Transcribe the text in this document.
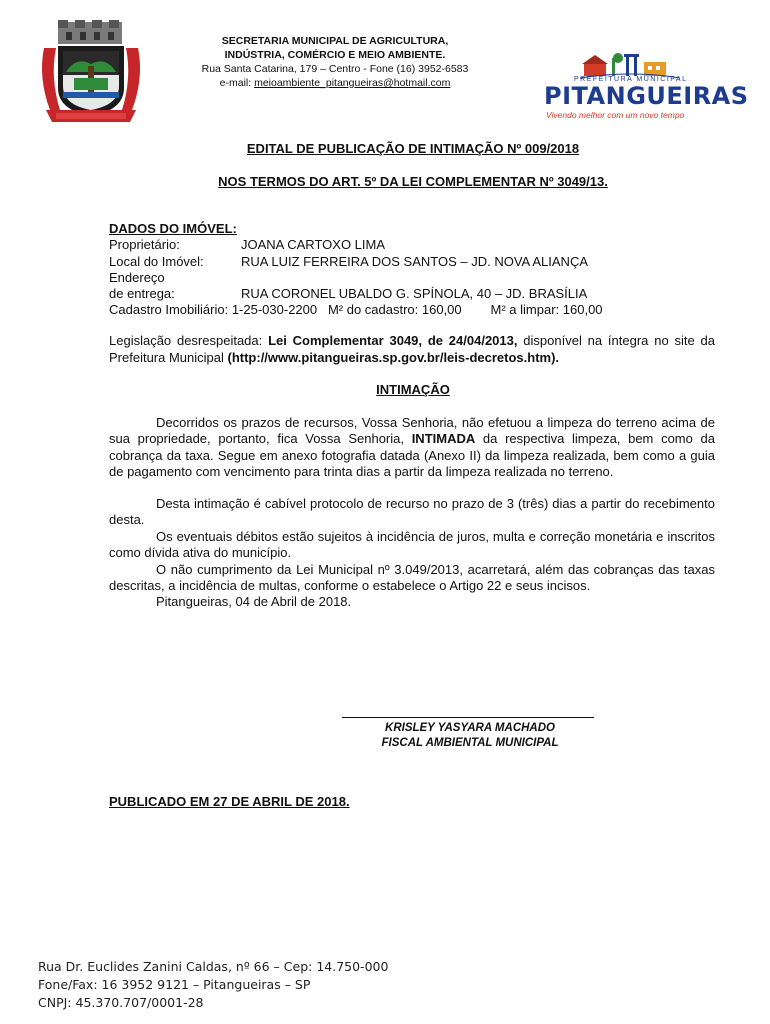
SECRETARIA MUNICIPAL DE AGRICULTURA,
INDÚSTRIA, COMÉRCIO E MEIO AMBIENTE.
Rua Santa Catarina, 179 – Centro - Fone (16) 3952-6583
e-mail: meioambiente_pitangueiras@hotmail.com	PREFEITURA MUNICIPAL
PITANGUEIRAS
Vivendo melhor com um novo tempo
EDITAL DE PUBLICAÇÃO DE INTIMAÇÃO Nº 009/2018
NOS TERMOS DO ART. 5º DA LEI COMPLEMENTAR Nº 3049/13.
DADOS DO IMÓVEL:
Proprietário:	JOANA CARTOXO LIMA
Local do Imóvel:	RUA LUIZ FERREIRA DOS SANTOS – JD. NOVA ALIANÇA
Endereço
de entrega:	RUA CORONEL UBALDO G. SPÍNOLA, 40 – JD. BRASÍLIA
Cadastro Imobiliário: 1-25-030-2200   M² do cadastro: 160,00        M² a limpar: 160,00
Legislação desrespeitada: Lei Complementar 3049, de 24/04/2013, disponível na íntegra no site da Prefeitura Municipal (http://www.pitangueiras.sp.gov.br/leis-decretos.htm).
INTIMAÇÃO
Decorridos os prazos de recursos, Vossa Senhoria, não efetuou a limpeza do terreno acima de sua propriedade, portanto, fica Vossa Senhoria, INTIMADA da respectiva limpeza, bem como da cobrança da taxa. Segue em anexo fotografia datada (Anexo II) da limpeza realizada, bem como a guia de pagamento com vencimento para trinta dias a partir da limpeza realizada no terreno.
Desta intimação é cabível protocolo de recurso no prazo de 3 (três) dias a partir do recebimento desta.
Os eventuais débitos estão sujeitos à incidência de juros, multa e correção monetária e inscritos como dívida ativa do município.
O não cumprimento da Lei Municipal nº 3.049/2013, acarretará, além das cobranças das taxas descritas, a incidência de multas, conforme o estabelece o Artigo 22 e seus incisos.
Pitangueiras, 04 de Abril de 2018.
KRISLEY YASYARA MACHADO
FISCAL AMBIENTAL MUNICIPAL
PUBLICADO EM 27 DE ABRIL DE 2018.
Rua Dr. Euclides Zanini Caldas, nº 66 – Cep: 14.750-000
Fone/Fax: 16 3952 9121 – Pitangueiras – SP
CNPJ: 45.370.707/0001-28
